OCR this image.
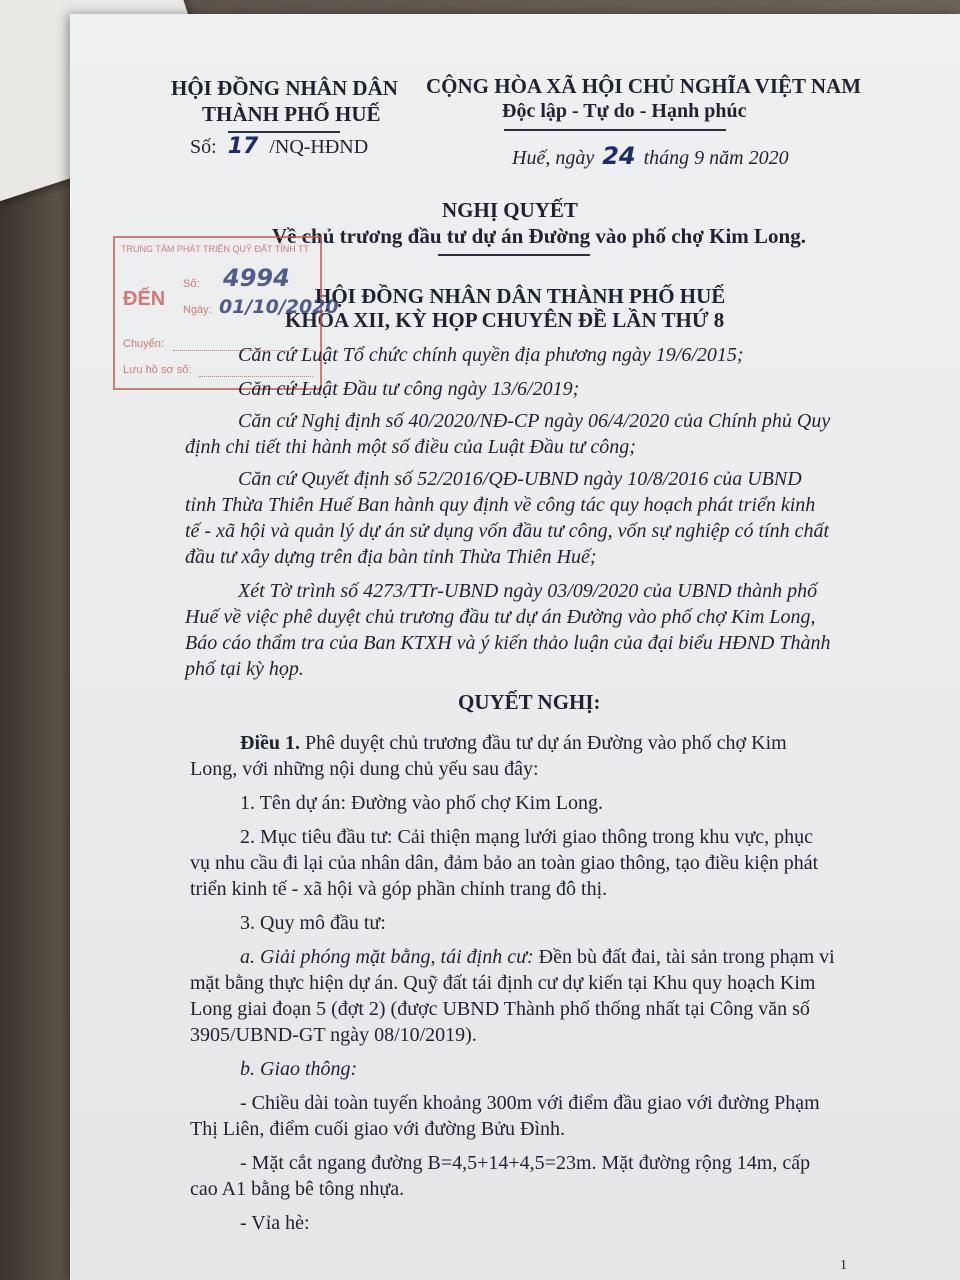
HỘI ĐỒNG NHÂN DÂN
THÀNH PHỐ HUẾ
Số: 17 /NQ-HĐND
CỘNG HÒA XÃ HỘI CHỦ NGHĨA VIỆT NAM
Độc lập - Tự do - Hạnh phúc
Huế, ngày 24 tháng 9 năm 2020
NGHỊ QUYẾT
Về chủ trương đầu tư dự án Đường vào phố chợ Kim Long.
HỘI ĐỒNG NHÂN DÂN THÀNH PHỐ HUẾ
KHÓA XII, KỲ HỌP CHUYÊN ĐỀ LẦN THỨ 8
TRUNG TÂM PHÁT TRIỂN QUỸ ĐẤT TỈNH TT
ĐẾN
Số: 4994
Ngày: 01/10/2020
Chuyển:
Lưu hồ sơ số:
Căn cứ Luật Tổ chức chính quyền địa phương ngày 19/6/2015;
Căn cứ Luật Đầu tư công ngày 13/6/2019;
Căn cứ Nghị định số 40/2020/NĐ-CP ngày 06/4/2020 của Chính phủ Quy
định chi tiết thi hành một số điều của Luật Đầu tư công;
Căn cứ Quyết định số 52/2016/QĐ-UBND ngày 10/8/2016 của UBND
tỉnh Thừa Thiên Huế Ban hành quy định về công tác quy hoạch phát triển kinh
tế - xã hội và quản lý dự án sử dụng vốn đầu tư công, vốn sự nghiệp có tính chất
đầu tư xây dựng trên địa bàn tỉnh Thừa Thiên Huế;
Xét Tờ trình số 4273/TTr-UBND ngày 03/09/2020 của UBND thành phố
Huế về việc phê duyệt chủ trương đầu tư dự án Đường vào phố chợ Kim Long,
Báo cáo thẩm tra của Ban KTXH và ý kiến thảo luận của đại biểu HĐND Thành
phố tại kỳ họp.
QUYẾT NGHỊ:
Điều 1. Phê duyệt chủ trương đầu tư dự án Đường vào phố chợ Kim
Long, với những nội dung chủ yếu sau đây:
1. Tên dự án: Đường vào phố chợ Kim Long.
2. Mục tiêu đầu tư: Cải thiện mạng lưới giao thông trong khu vực, phục
vụ nhu cầu đi lại của nhân dân, đảm bảo an toàn giao thông, tạo điều kiện phát
triển kinh tế - xã hội và góp phần chỉnh trang đô thị.
3. Quy mô đầu tư:
a. Giải phóng mặt bằng, tái định cư: Đền bù đất đai, tài sản trong phạm vi
mặt bằng thực hiện dự án. Quỹ đất tái định cư dự kiến tại Khu quy hoạch Kim
Long giai đoạn 5 (đợt 2) (được UBND Thành phố thống nhất tại Công văn số
3905/UBND-GT ngày 08/10/2019).
b. Giao thông:
- Chiều dài toàn tuyến khoảng 300m với điểm đầu giao với đường Phạm
Thị Liên, điểm cuối giao với đường Bửu Đình.
- Mặt cắt ngang đường B=4,5+14+4,5=23m. Mặt đường rộng 14m, cấp
cao A1 bằng bê tông nhựa.
- Vỉa hè:
1
